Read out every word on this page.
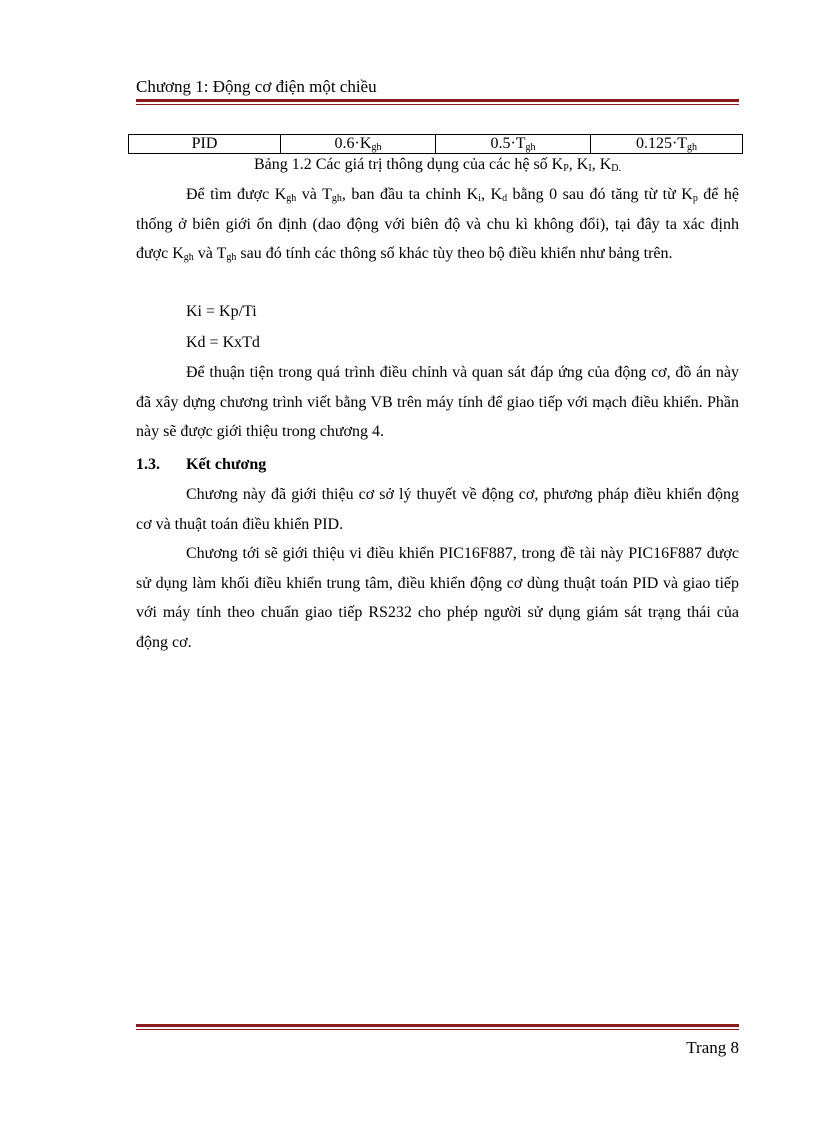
Chương 1: Động cơ điện một chiều
PID	$0.6\cdot K_{gh}$	$0.5\cdot T_{gh}$	$0.125\cdot T_{gh}$
Bảng 1.2 Các giá trị thông dụng của các hệ số $K_P$, $K_I$, $K_{D.}$

Để tìm được $K_{gh}$ và $T_{gh}$, ban đầu ta chỉnh $K_i$, $K_d$ bằng 0 sau đó tăng từ từ $K_p$ để hệ thống ở biên giới ổn định (dao động với biên độ và chu kì không đổi), tại đây ta xác định được $K_{gh}$ và $T_{gh}$ sau đó tính các thông số khác tùy theo bộ điều khiển như bảng trên.

Ki = Kp/Ti
Kd = KxTd

Để thuận tiện trong quá trình điều chỉnh và quan sát đáp ứng của động cơ, đồ án này đã xây dựng chương trình viết bằng VB trên máy tính để giao tiếp với mạch điều khiển. Phần này sẽ được giới thiệu trong chương 4.

1.3. Kết chương

Chương này đã giới thiệu cơ sở lý thuyết về động cơ, phương pháp điều khiển động cơ và thuật toán điều khiển PID.

Chương tới sẽ giới thiệu vi điều khiển PIC16F887, trong đề tài này PIC16F887 được sử dụng làm khối điều khiển trung tâm, điều khiển động cơ dùng thuật toán PID và giao tiếp với máy tính theo chuẩn giao tiếp RS232 cho phép người sử dụng giám sát trạng thái của động cơ.

Trang 8
